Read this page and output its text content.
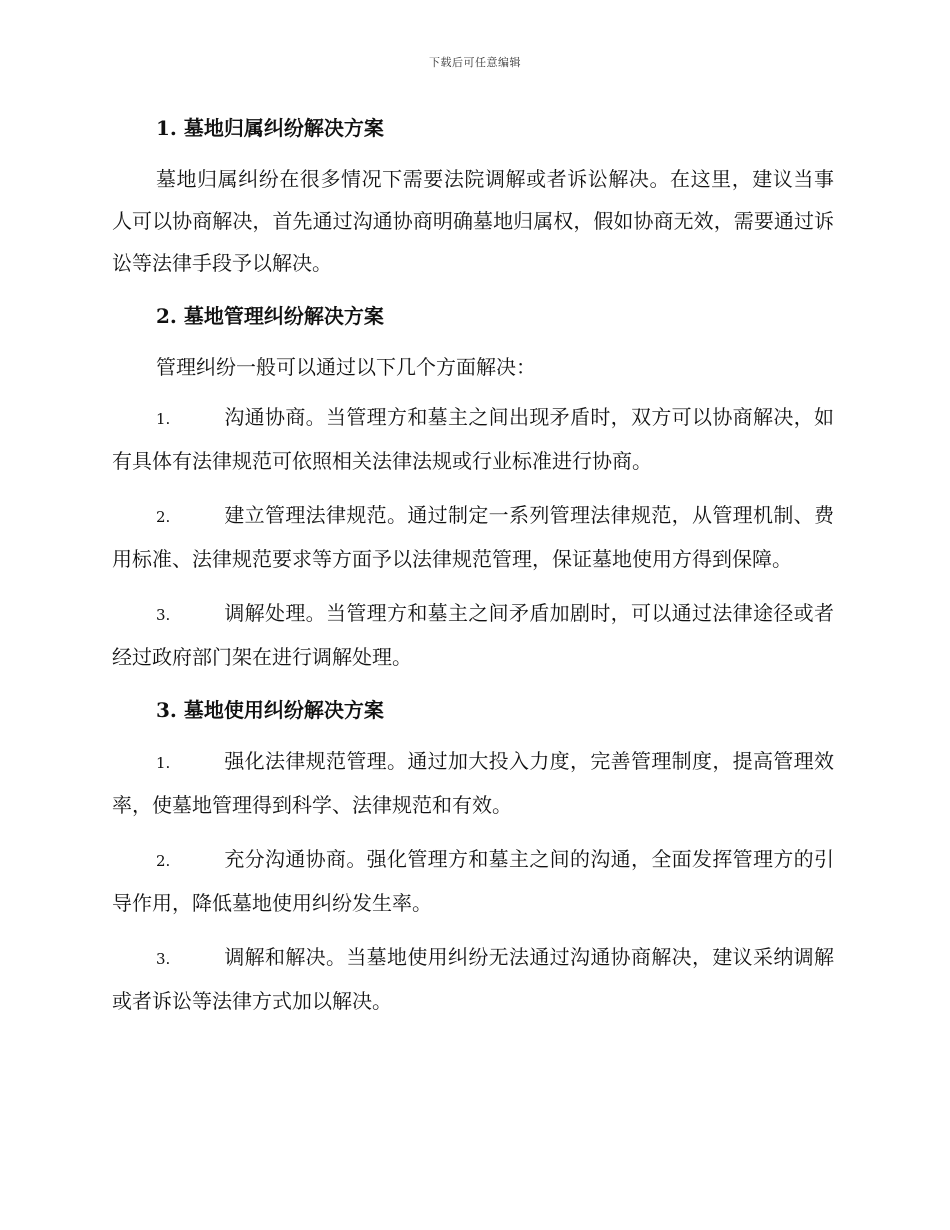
下载后可任意编辑
1. 墓地归属纠纷解决方案

墓地归属纠纷在很多情况下需要法院调解或者诉讼解决。在这里，建议当事人可以协商解决，首先通过沟通协商明确墓地归属权，假如协商无效，需要通过诉讼等法律手段予以解决。

2. 墓地管理纠纷解决方案

管理纠纷一般可以通过以下几个方面解决：

1.	沟通协商。当管理方和墓主之间出现矛盾时，双方可以协商解决，如有具体有法律规范可依照相关法律法规或行业标准进行协商。

2.	建立管理法律规范。通过制定一系列管理法律规范，从管理机制、费用标准、法律规范要求等方面予以法律规范管理，保证墓地使用方得到保障。

3.	调解处理。当管理方和墓主之间矛盾加剧时，可以通过法律途径或者经过政府部门架在进行调解处理。

3. 墓地使用纠纷解决方案

1.	强化法律规范管理。通过加大投入力度，完善管理制度，提高管理效率，使墓地管理得到科学、法律规范和有效。

2.	充分沟通协商。强化管理方和墓主之间的沟通，全面发挥管理方的引导作用，降低墓地使用纠纷发生率。

3.	调解和解决。当墓地使用纠纷无法通过沟通协商解决，建议采纳调解或者诉讼等法律方式加以解决。
